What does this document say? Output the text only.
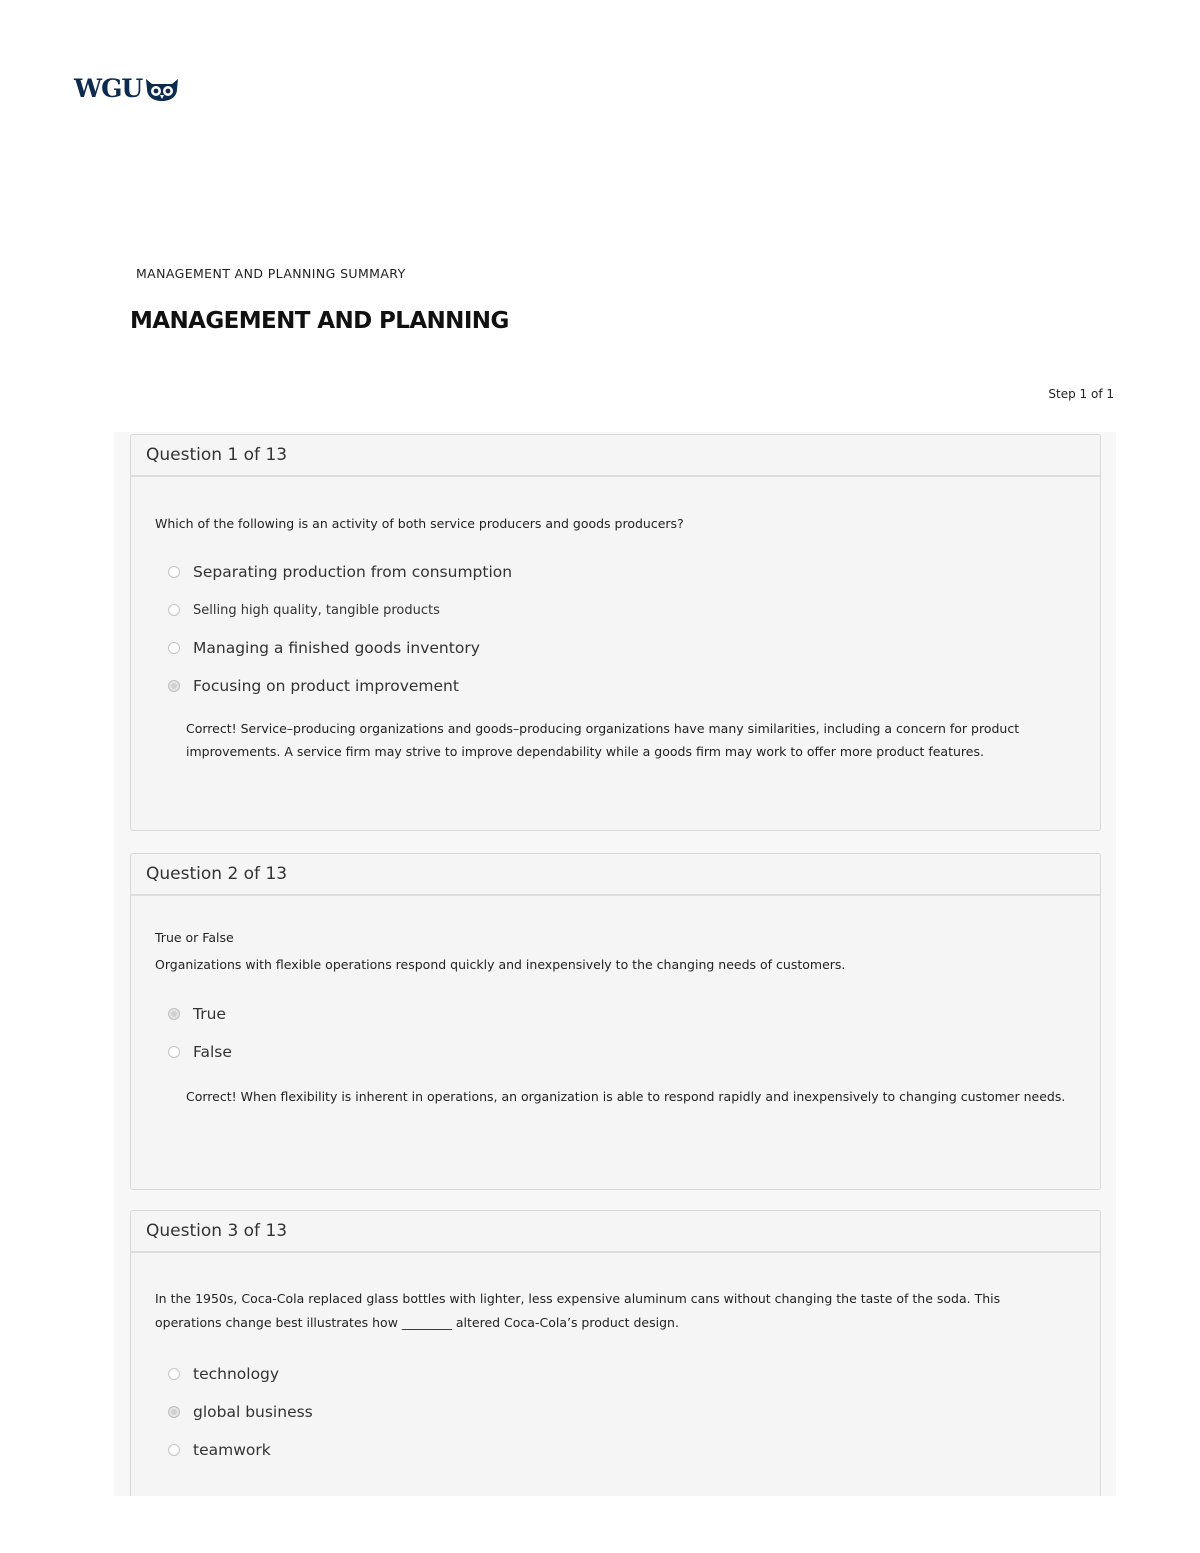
WGU
MANAGEMENT AND PLANNING SUMMARY
MANAGEMENT AND PLANNING
Step 1 of 1
Question 1 of 13

Which of the following is an activity of both service producers and goods producers?

Separating production from consumption
Selling high quality, tangible products
Managing a finished goods inventory
Focusing on product improvement

Correct! Service–producing organizations and goods–producing organizations have many similarities, including a concern for product improvements. A service firm may strive to improve dependability while a goods firm may work to offer more product features.

Question 2 of 13

True or False

Organizations with flexible operations respond quickly and inexpensively to the changing needs of customers.

True
False

Correct! When flexibility is inherent in operations, an organization is able to respond rapidly and inexpensively to changing customer needs.

Question 3 of 13

In the 1950s, Coca-Cola replaced glass bottles with lighter, less expensive aluminum cans without changing the taste of the soda. This operations change best illustrates how ________ altered Coca-Cola’s product design.

technology
global business
teamwork
